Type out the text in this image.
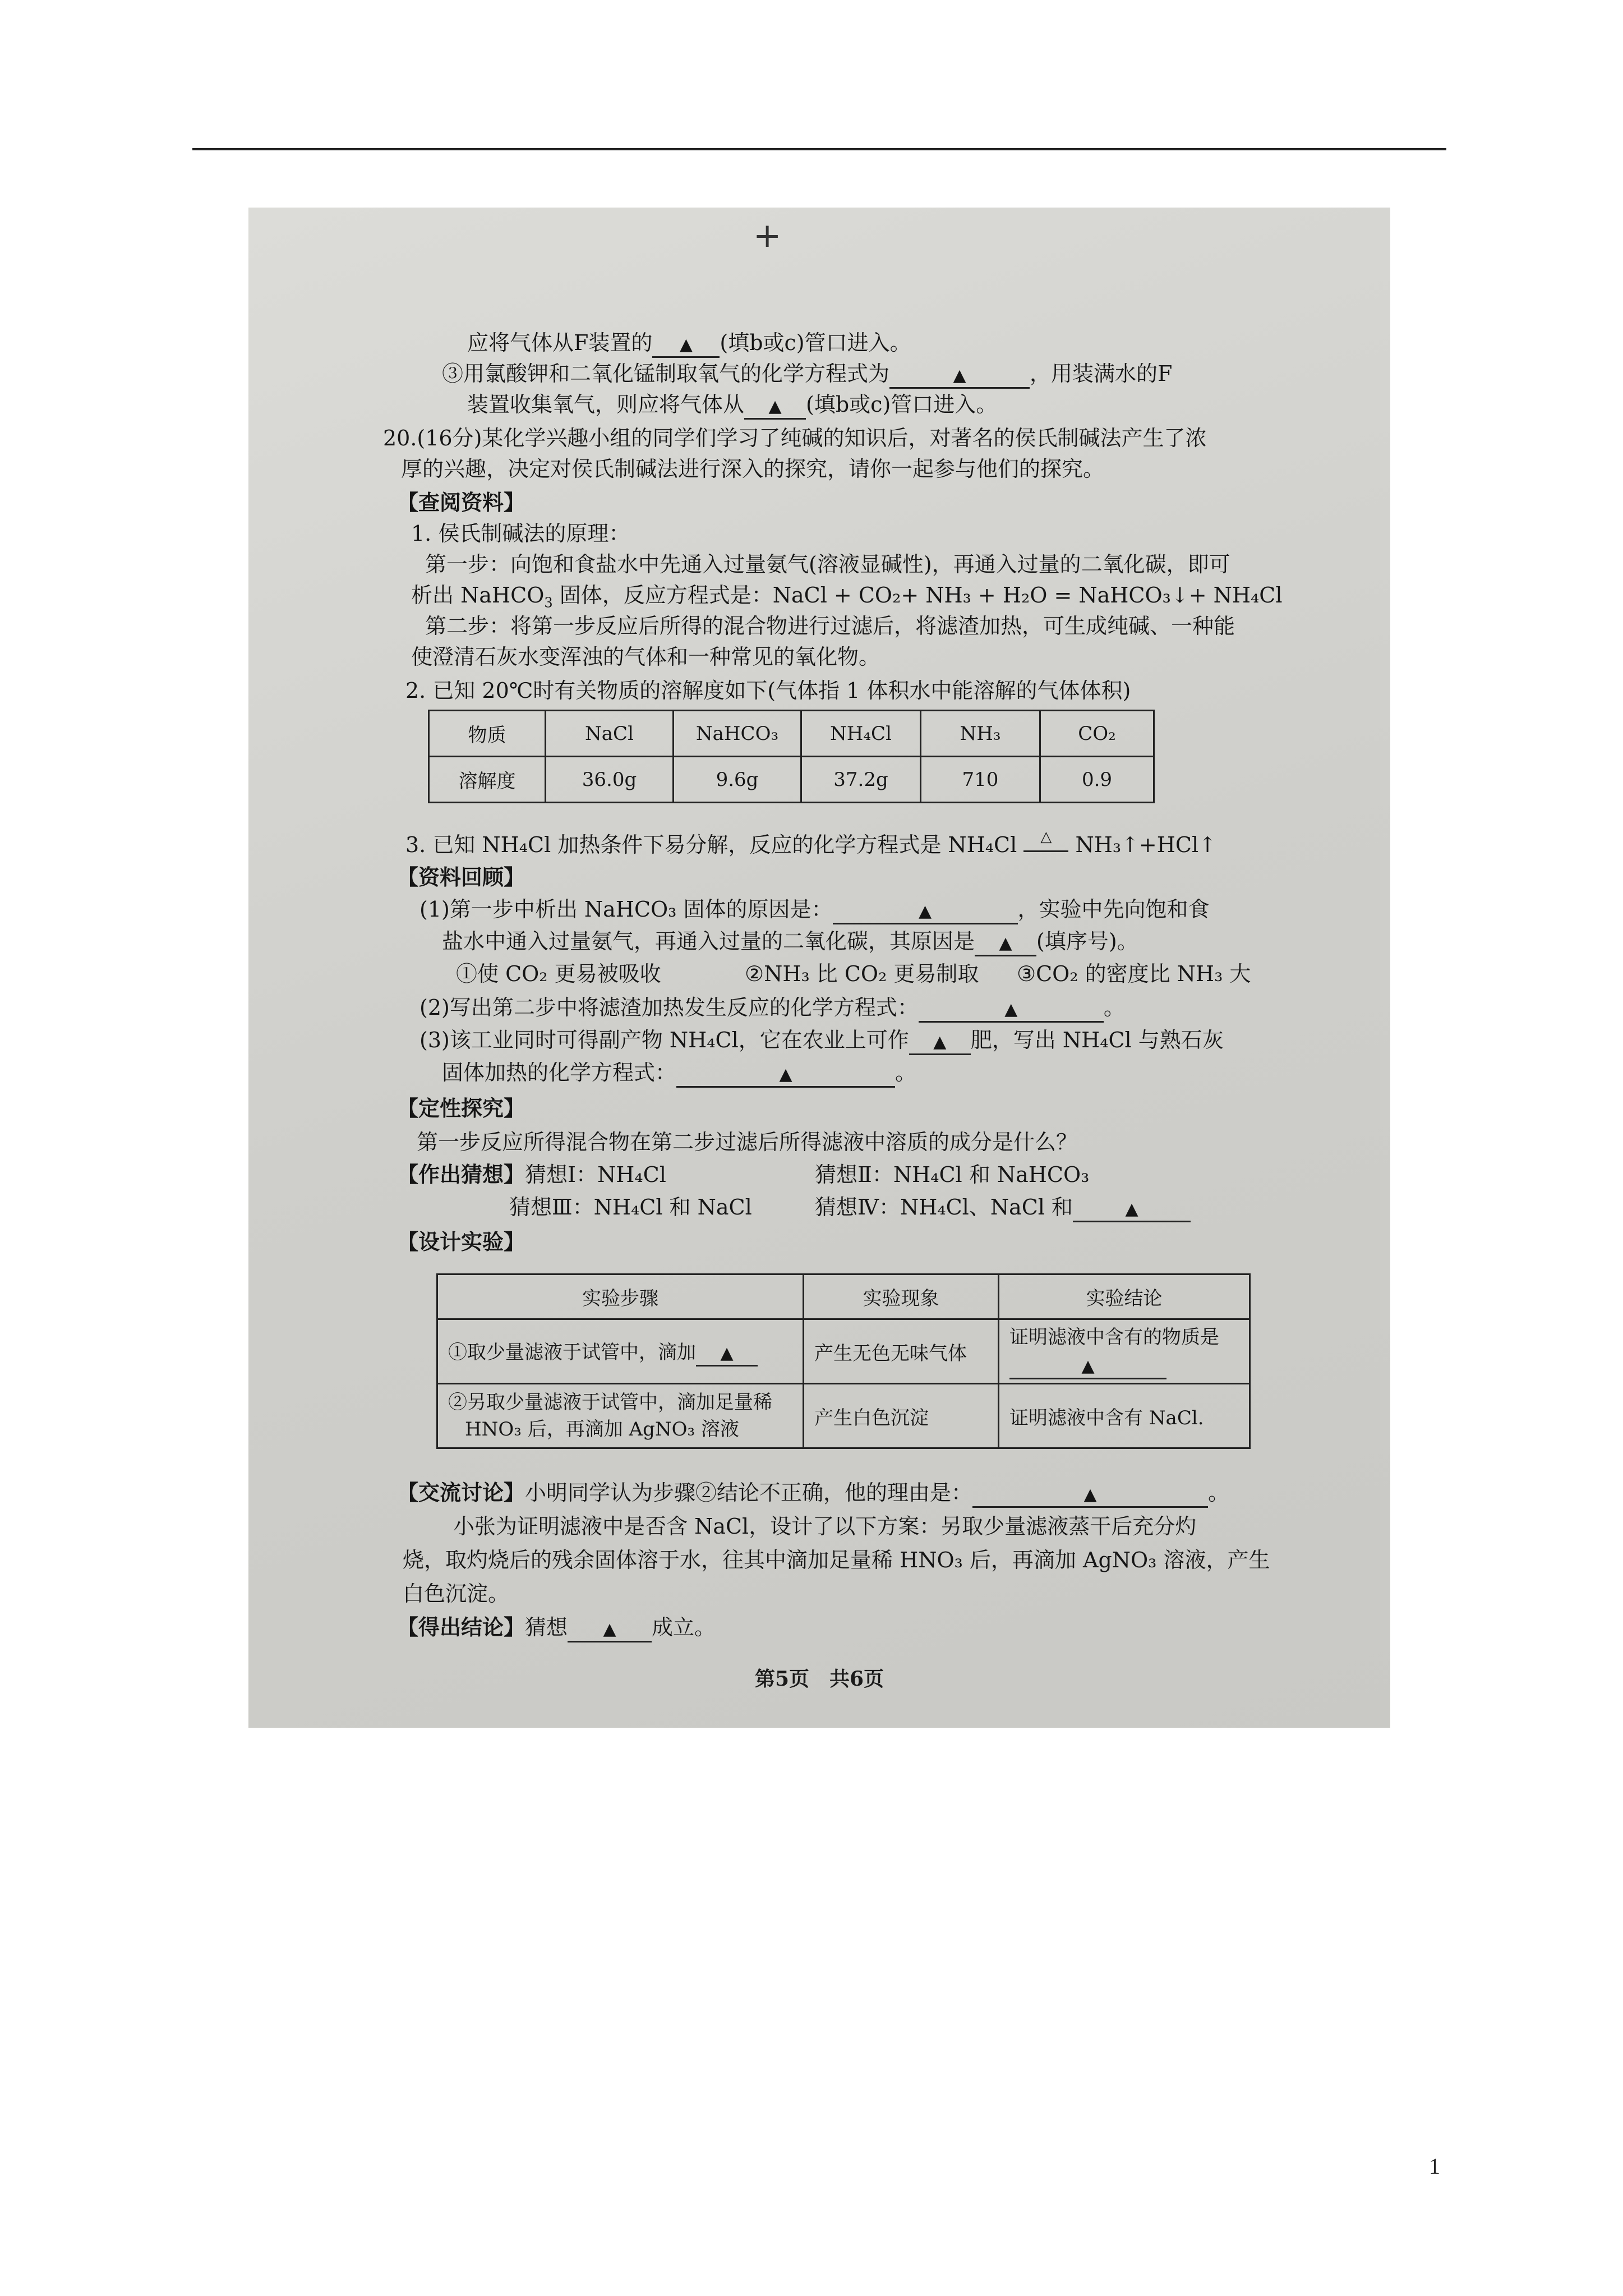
+
应将气体从F装置的 ▲ (填b或c)管口进入。
③用氯酸钾和二氧化锰制取氧气的化学方程式为	▲	，用装满水的F
装置收集氧气，则应将气体从 ▲ (填b或c)管口进入。
20.(16分)某化学兴趣小组的同学们学习了纯碱的知识后，对著名的侯氏制碱法产生了浓
厚的兴趣，决定对侯氏制碱法进行深入的探究，请你一起参与他们的探究。
【查阅资料】
1. 侯氏制碱法的原理：
第一步：向饱和食盐水中先通入过量氨气(溶液显碱性)，再通入过量的二氧化碳，即可
析出 NaHCO$_3$ 固体，反应方程式是：NaCl + CO₂+ NH₃ + H₂O = NaHCO₃↓+ NH₄Cl
第二步：将第一步反应后所得的混合物进行过滤后，将滤渣加热，可生成纯碱、一种能
使澄清石灰水变浑浊的气体和一种常见的氧化物。
2. 已知 20℃时有关物质的溶解度如下(气体指 1 体积水中能溶解的气体体积)
物质	NaCl	NaHCO₃	NH₄Cl	NH₃	CO₂
溶解度	36.0g	9.6g	37.2g	710	0.9
3. 已知 NH₄Cl 加热条件下易分解，反应的化学方程式是 NH₄Cl	△	NH₃↑+HCl↑
【资料回顾】
(1)第一步中析出 NaHCO₃ 固体的原因是：	▲	，实验中先向饱和食
盐水中通入过量氨气，再通入过量的二氧化碳，其原因是 ▲ (填序号)。
①使 CO₂ 更易被吸收	②NH₃ 比 CO₂ 更易制取 ③CO₂ 的密度比 NH₃ 大
(2)写出第二步中将滤渣加热发生反应的化学方程式：	▲	。
(3)该工业同时可得副产物 NH₄Cl，它在农业上可作 ▲ 肥，写出 NH₄Cl 与熟石灰
固体加热的化学方程式：	▲	。
【定性探究】
第一步反应所得混合物在第二步过滤后所得滤液中溶质的成分是什么？
【作出猜想】猜想Ⅰ：NH₄Cl	猜想Ⅱ：NH₄Cl 和 NaHCO₃
猜想Ⅲ：NH₄Cl 和 NaCl	猜想Ⅳ：NH₄Cl、NaCl 和	▲
【设计实验】
实验步骤	实验现象	实验结论
①取少量滤液于试管中，滴加 ▲	产生无色无味气体	证明滤液中含有的物质是
▲
②另取少量滤液于试管中，滴加足量稀
HNO₃ 后，再滴加 AgNO₃ 溶液	产生白色沉淀	证明滤液中含有 NaCl.
【交流讨论】小明同学认为步骤②结论不正确，他的理由是：	▲	。
小张为证明滤液中是否含 NaCl，设计了以下方案：另取少量滤液蒸干后充分灼
烧，取灼烧后的残余固体溶于水，往其中滴加足量稀 HNO₃ 后，再滴加 AgNO₃ 溶液，产生
白色沉淀。
【得出结论】猜想 ▲ 成立。
第5页　共6页
1
